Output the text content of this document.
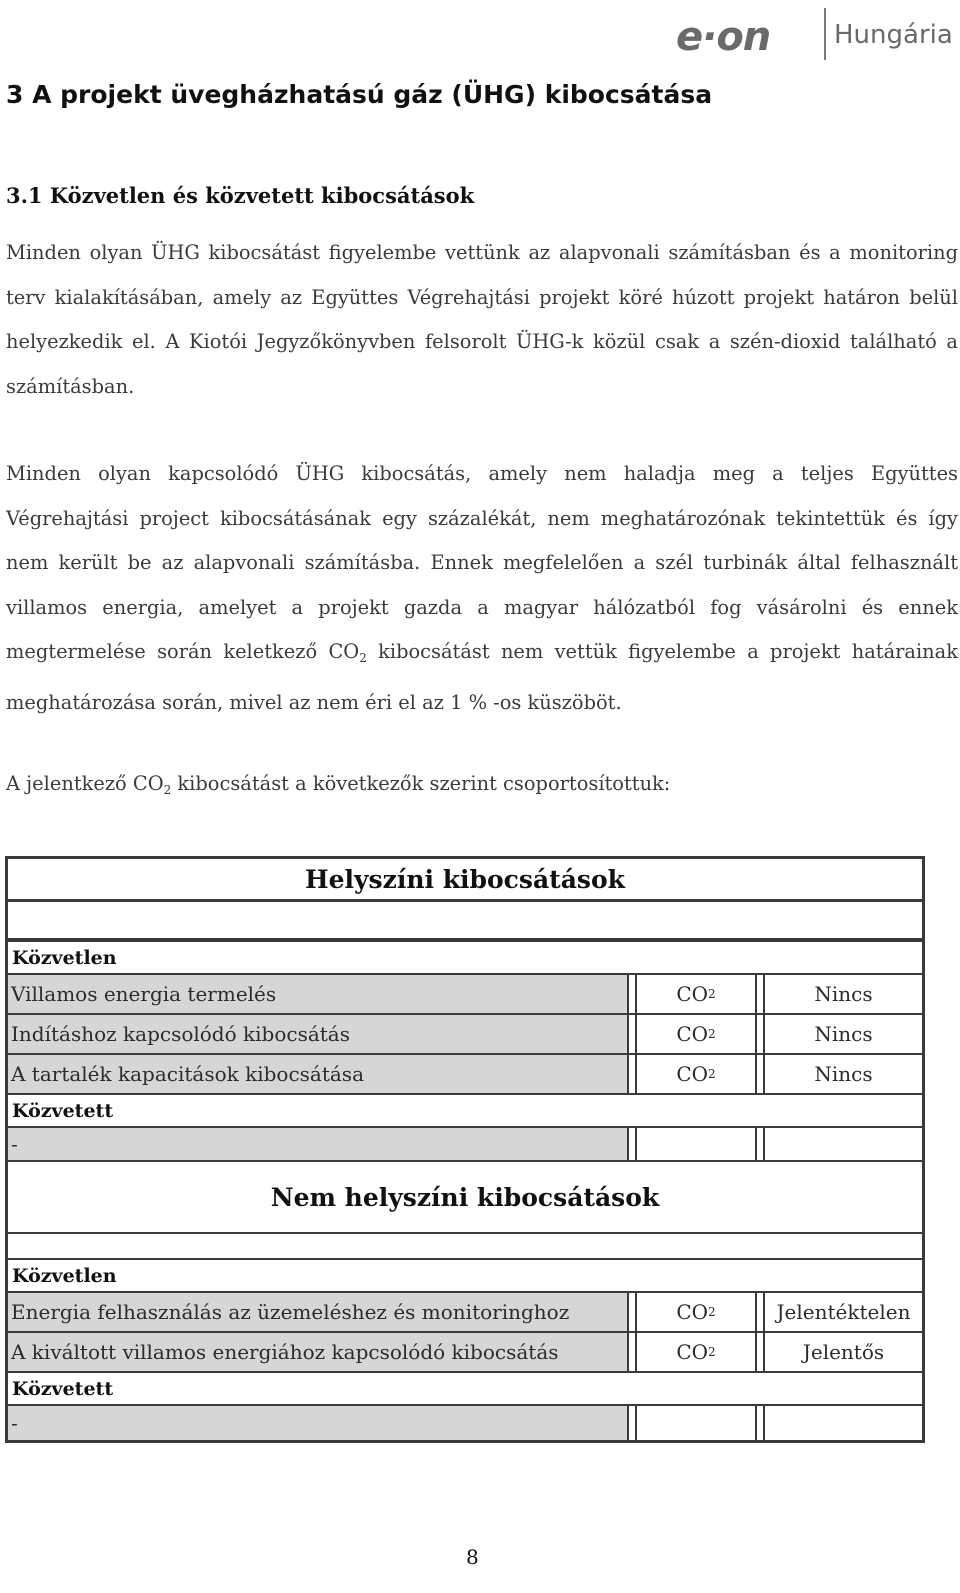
e·on Hungária
3 A projekt üvegházhatású gáz (ÜHG) kibocsátása
3.1 Közvetlen és közvetett kibocsátások

Minden olyan ÜHG kibocsátást figyelembe vettünk az alapvonali számításban és a monitoring terv kialakításában, amely az Együttes Végrehajtási projekt köré húzott projekt határon belül helyezkedik el. A Kiotói Jegyzőkönyvben felsorolt ÜHG-k közül csak a szén-dioxid található a számításban.

Minden olyan kapcsolódó ÜHG kibocsátás, amely nem haladja meg a teljes Együttes Végrehajtási project kibocsátásának egy százalékát, nem meghatározónak tekintettük és így nem került be az alapvonali számításba. Ennek megfelelően a szél turbinák által felhasznált villamos energia, amelyet a projekt gazda a magyar hálózatból fog vásárolni és ennek megtermelése során keletkező $CO_2$ kibocsátást nem vettük figyelembe a projekt határainak meghatározása során, mivel az nem éri el az 1 % -os küszöböt.

A jelentkező $CO_2$ kibocsátást a következők szerint csoportosítottuk:

Helyszíni kibocsátások
Közvetlen
Villamos energia termelés	CO 2	Nincs
Indításhoz kapcsolódó kibocsátás	CO 2	Nincs
A tartalék kapacitások kibocsátása	CO 2	Nincs
Közvetett
-
Nem helyszíni kibocsátások
Közvetlen
Energia felhasználás az üzemeléshez és monitoringhoz	CO 2	Jelentéktelen
A kiváltott villamos energiához kapcsolódó kibocsátás	CO 2	Jelentős
Közvetett
-
8
